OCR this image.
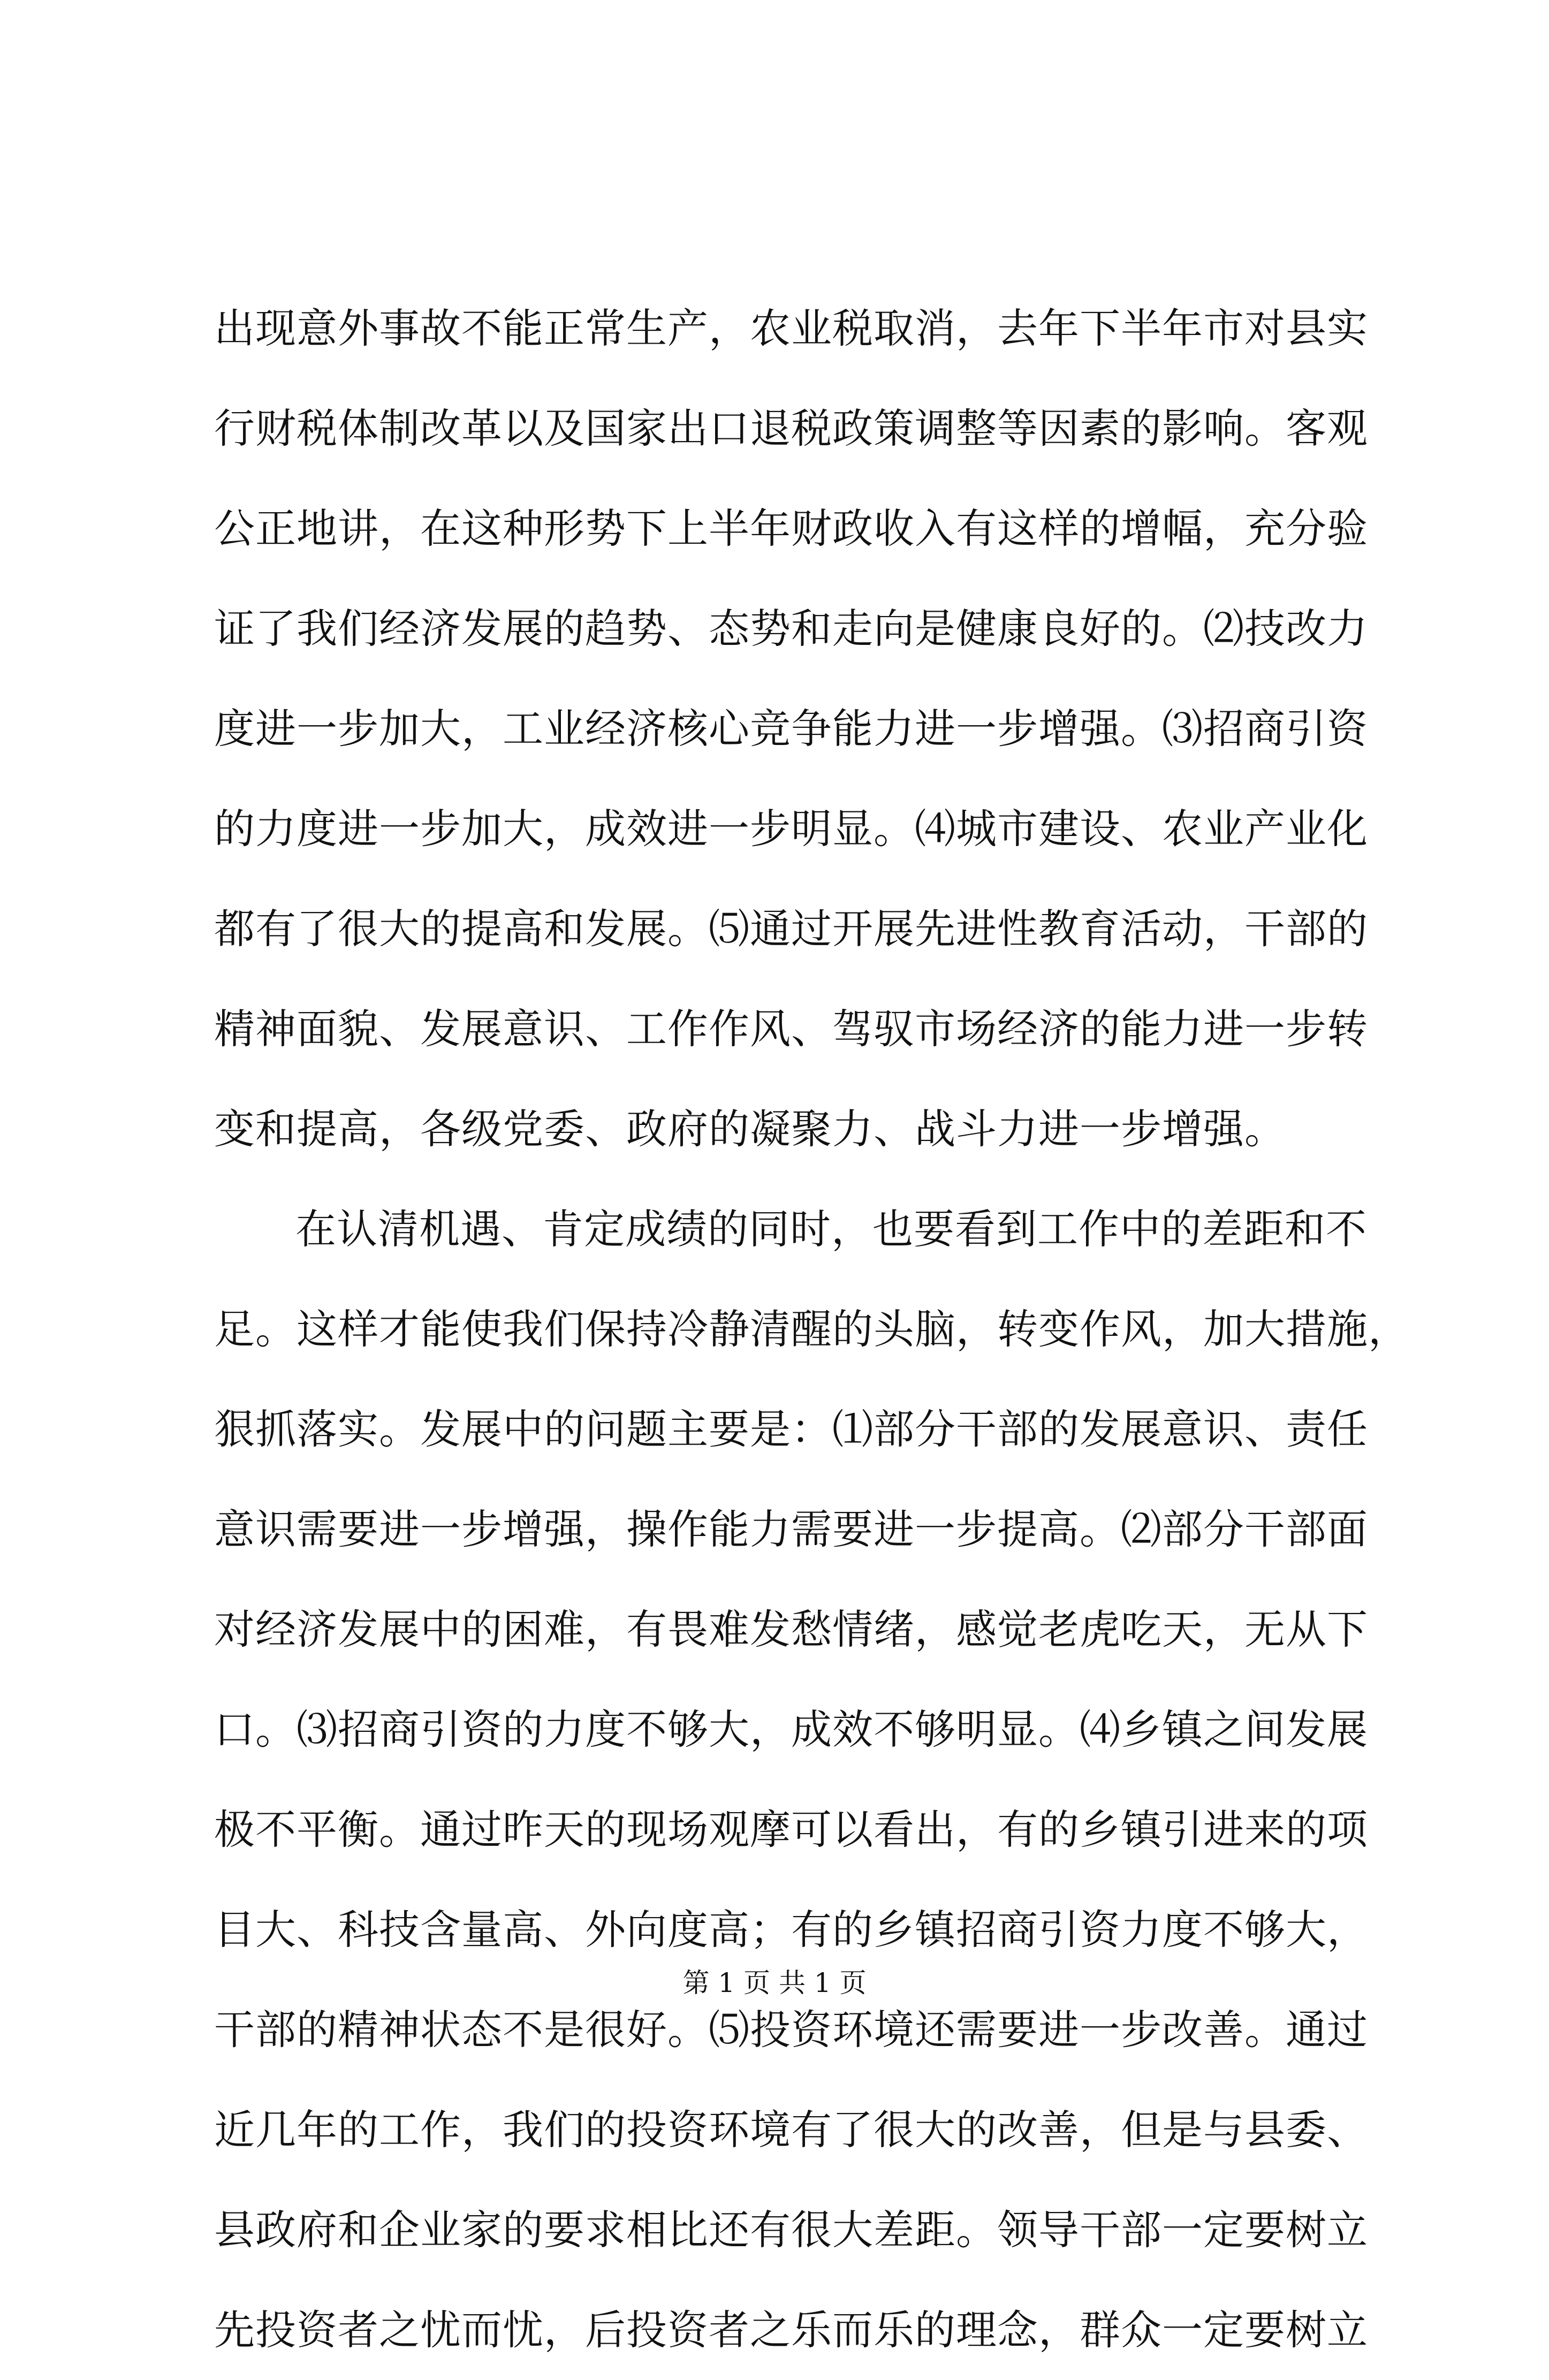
出现意外事故不能正常生产，农业税取消，去年下半年市对县实
行财税体制改革以及国家出口退税政策调整等因素的影响。客观
公正地讲，在这种形势下上半年财政收入有这样的增幅，充分验
证了我们经济发展的趋势、态势和走向是健康良好的。⑵技改力
度进一步加大，工业经济核心竞争能力进一步增强。⑶招商引资
的力度进一步加大，成效进一步明显。⑷城市建设、农业产业化
都有了很大的提高和发展。⑸通过开展先进性教育活动，干部的
精神面貌、发展意识、工作作风、驾驭市场经济的能力进一步转
变和提高，各级党委、政府的凝聚力、战斗力进一步增强。
在认清机遇、肯定成绩的同时，也要看到工作中的差距和不
足。这样才能使我们保持冷静清醒的头脑，转变作风，加大措施，
狠抓落实。发展中的问题主要是：⑴部分干部的发展意识、责任
意识需要进一步增强，操作能力需要进一步提高。⑵部分干部面
对经济发展中的困难，有畏难发愁情绪，感觉老虎吃天，无从下
口。⑶招商引资的力度不够大，成效不够明显。⑷乡镇之间发展
极不平衡。通过昨天的现场观摩可以看出，有的乡镇引进来的项
目大、科技含量高、外向度高；有的乡镇招商引资力度不够大，
干部的精神状态不是很好。⑸投资环境还需要进一步改善。通过
近几年的工作，我们的投资环境有了很大的改善，但是与县委、
县政府和企业家的要求相比还有很大差距。领导干部一定要树立
先投资者之忧而忧，后投资者之乐而乐的理念，群众一定要树立
第 1 页 共 1 页
